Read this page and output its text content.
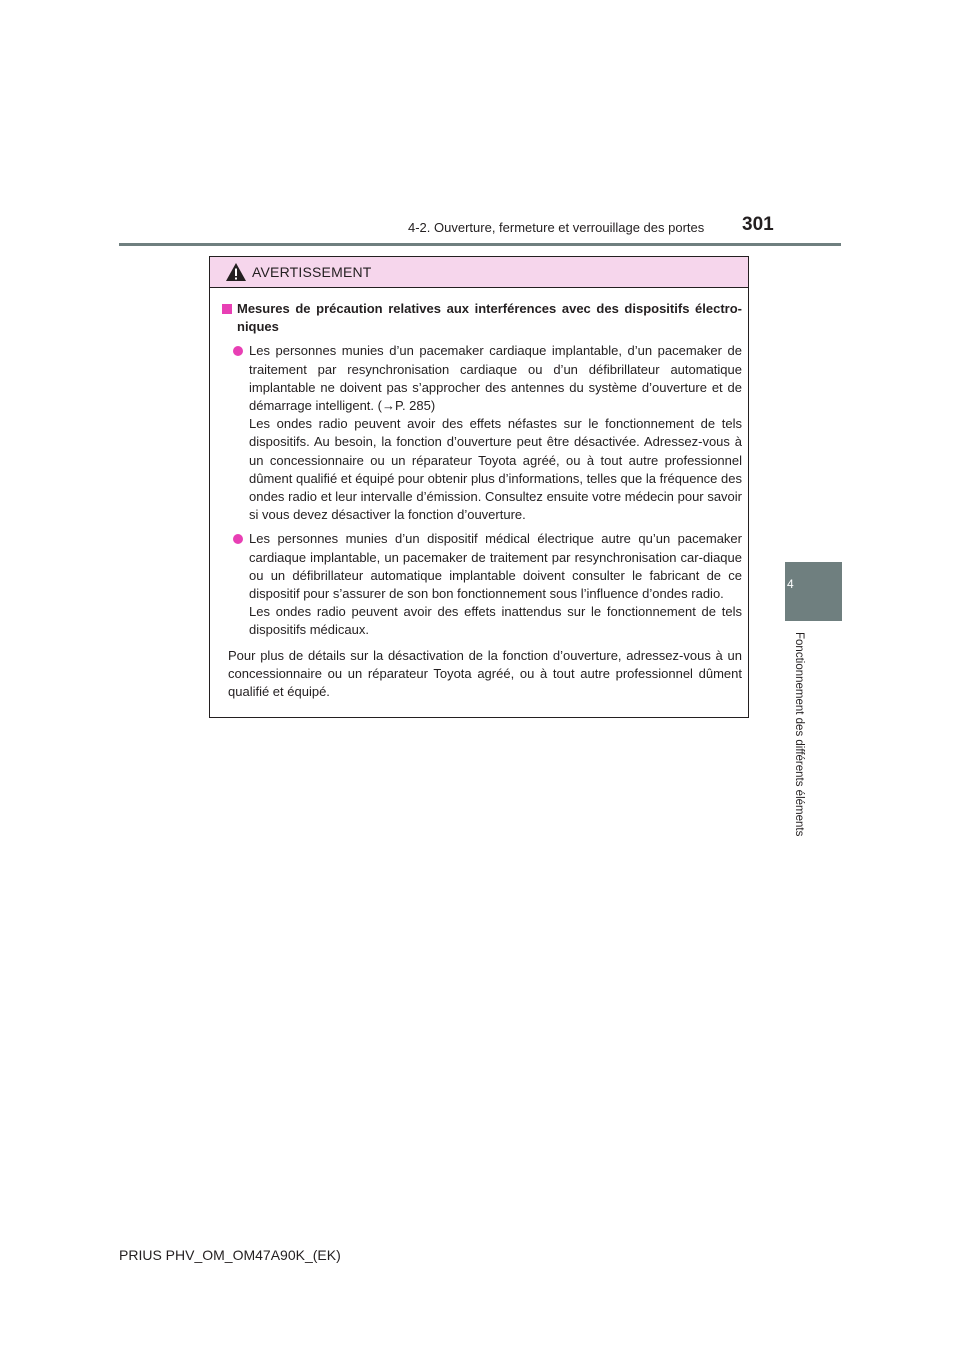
4-2. Ouverture, fermeture et verrouillage des portes 301
4
Fonctionnement des différents éléments
AVERTISSEMENT
Mesures de précaution relatives aux interférences avec des dispositifs électro-niques
Les personnes munies d’un pacemaker cardiaque implantable, d’un pacemaker de traitement par resynchronisation cardiaque ou d’un défibrillateur automatique implantable ne doivent pas s’approcher des antennes du système d’ouverture et de démarrage intelligent. (→P. 285)
Les ondes radio peuvent avoir des effets néfastes sur le fonctionnement de tels dispositifs. Au besoin, la fonction d’ouverture peut être désactivée. Adressez-vous à un concessionnaire ou un réparateur Toyota agréé, ou à tout autre professionnel dûment qualifié et équipé pour obtenir plus d’informations, telles que la fréquence des ondes radio et leur intervalle d’émission. Consultez ensuite votre médecin pour savoir si vous devez désactiver la fonction d’ouverture.
Les personnes munies d’un dispositif médical électrique autre qu’un pacemaker cardiaque implantable, un pacemaker de traitement par resynchronisation car-diaque ou un défibrillateur automatique implantable doivent consulter le fabricant de ce dispositif pour s’assurer de son bon fonctionnement sous l’influence d’ondes radio.
Les ondes radio peuvent avoir des effets inattendus sur le fonctionnement de tels dispositifs médicaux.
Pour plus de détails sur la désactivation de la fonction d’ouverture, adressez-vous à un concessionnaire ou un réparateur Toyota agréé, ou à tout autre professionnel dûment qualifié et équipé.
PRIUS PHV_OM_OM47A90K_(EK)
